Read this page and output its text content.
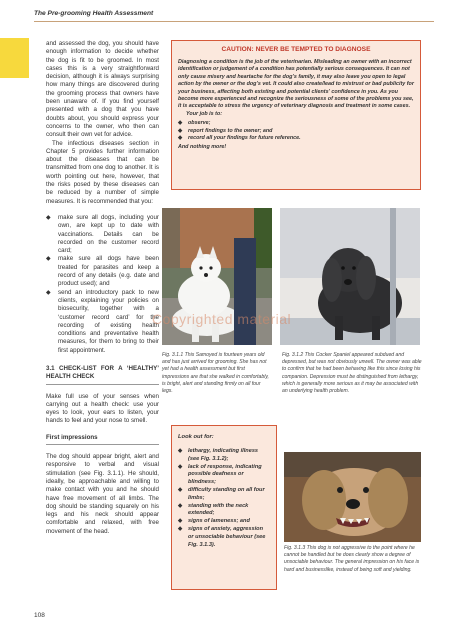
The Pre-grooming Health Assessment

and assessed the dog, you should have enough information to decide whether the dog is fit to be groomed. In most cases this is a very straightforward decision, although it is always surprising how many things are discovered during the grooming process that owners have been unaware of. If you find yourself presented with a dog that you have doubts about, you should express your concerns to the owner, who then can consult their own vet for advice.

The infectious diseases section in Chapter 5 provides further information about the diseases that can be transmitted from one dog to another. It is worth pointing out here, however, that the risks posed by these diseases can be reduced by a number of simple measures. It is recommended that you:

◆ make sure all dogs, including your own, are kept up to date with vaccinations. Details can be recorded on the customer record card;
◆ make sure all dogs have been treated for parasites and keep a record of any details (e.g. date and product used); and
◆ send an introductory pack to new clients, explaining your policies on biosecurity, together with a ‘customer record card’ for the recording of existing health conditions and preventative health measures, for them to bring to their first appointment.

3.1 CHECK-LIST FOR A ‘HEALTHY’ HEALTH CHECK

Make full use of your senses when carrying out a health check: use your eyes to look, your ears to listen, your hands to feel and your nose to smell.

First impressions

The dog should appear bright, alert and responsive to verbal and visual stimulation (see Fig. 3.1.1). He should, ideally, be approachable and willing to make contact with you and he should have free movement of all limbs. The dog should be standing squarely on his legs and his neck should appear comfortable and relaxed, with free movement of the head.

CAUTION: NEVER BE TEMPTED TO DIAGNOSE

Diagnosing a condition is the job of the veterinarian. Misleading an owner with an incorrect identification or judgement of a condition has potentially serious consequences. It can not only cause misery and heartache for the dog’s family, it may also leave you open to legal action by the owner or the dog’s vet. It could also create/lead to mistrust or bad publicity for your business, affecting both existing and potential clients’ confidence in you. As you become more experienced and recognize the seriousness of some of the problems you see, it is acceptable to stress the urgency of veterinary diagnosis and treatment in some cases.

Your job is to:

◆ observe;
◆ report findings to the owner; and
◆ record all your findings for future reference.

And nothing more!

Fig. 3.1.1 This Samoyed is fourteen years old and has just arrived for grooming. She has not yet had a health assessment but first impressions are that she walked in comfortably, is bright, alert and standing firmly on all four legs.
Fig. 3.1.2 This Cocker Spaniel appeared subdued and depressed, but was not obviously unwell. The owner was able to confirm that he had been behaving like this since losing his companion. Depression must be distinguished from lethargy, which is generally more serious as it may be associated with an underlying health problem.
Copyrighted material
Look out for:
◆ lethargy, indicating illness (see Fig. 3.1.2);
◆ lack of response, indicating possible deafness or blindness;
◆ difficulty standing on all four limbs;
◆ standing with the neck extended;
◆ signs of lameness; and
◆ signs of anxiety, aggression or unsociable behaviour (see Fig. 3.1.3).
Fig. 3.1.3 This dog is not aggressive to the point where he cannot be handled but he does clearly show a degree of unsociable behaviour. The general impression on his face is hard and businesslike, instead of being soft and yielding.
108
